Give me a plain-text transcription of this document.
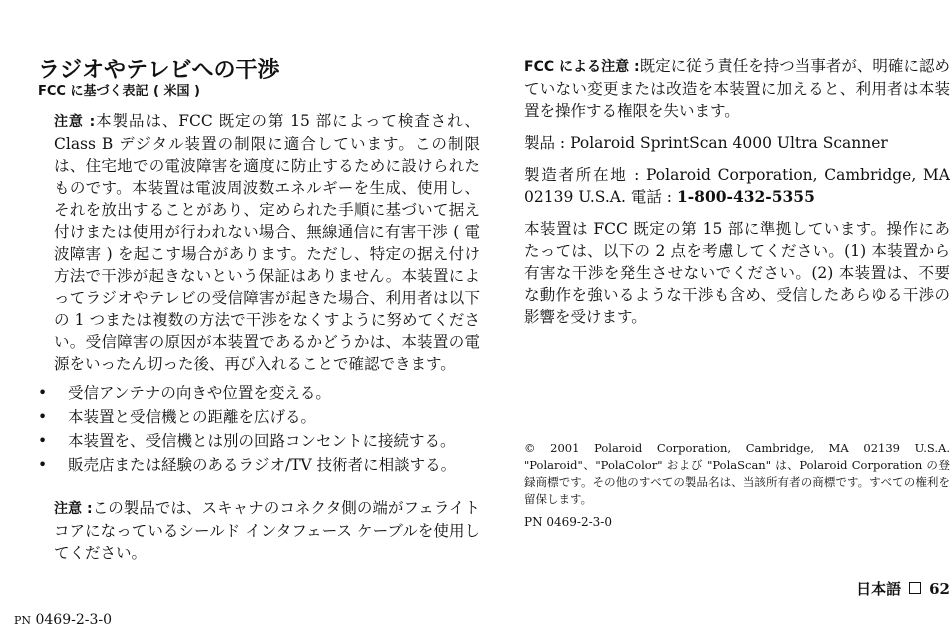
ラジオやテレビへの干渉
FCC に基づく表記 ( 米国 )

注意 :本製品は、FCC 既定の第 15 部によって検査され、Class B デジタル装置の制限に適合しています。この制限は、住宅地での電波障害を適度に防止するために設けられたものです。本装置は電波周波数エネルギーを生成、使用し、それを放出することがあり、定められた手順に基づいて据え付けまたは使用が行われない場合、無線通信に有害干渉 ( 電波障害 ) を起こす場合があります。ただし、特定の据え付け方法で干渉が起きないという保証はありません。本装置によってラジオやテレビの受信障害が起きた場合、利用者は以下の 1 つまたは複数の方法で干渉をなくすように努めてください。受信障害の原因が本装置であるかどうかは、本装置の電源をいったん切った後、再び入れることで確認できます。

• 受信アンテナの向きや位置を変える。
• 本装置と受信機との距離を広げる。
• 本装置を、受信機とは別の回路コンセントに接続する。
• 販売店または経験のあるラジオ/TV 技術者に相談する。

注意 :この製品では、スキャナのコネクタ側の端がフェライト コアになっているシールド インタフェース ケーブルを使用してください。

FCC による注意 :既定に従う責任を持つ当事者が、明確に認めていない変更または改造を本装置に加えると、利用者は本装置を操作する権限を失います。

製品 : Polaroid SprintScan 4000 Ultra Scanner

製造者所在地 : Polaroid Corporation, Cambridge, MA 02139 U.S.A. 電話 : 1-800-432-5355

本装置は FCC 既定の第 15 部に準拠しています。操作にあたっては、以下の 2 点を考慮してください。(1) 本装置から有害な干渉を発生させないでください。(2) 本装置は、不要な動作を強いるような干渉も含め、受信したあらゆる干渉の影響を受けます。

© 2001 Polaroid Corporation, Cambridge, MA 02139 U.S.A. "Polaroid"、"PolaColor" および "PolaScan" は、Polaroid Corporation の登録商標です。その他のすべての製品名は、当該所有者の商標です。すべての権利を留保します。

PN 0469-2-3-0

日本語 62

PN 0469-2-3-0
